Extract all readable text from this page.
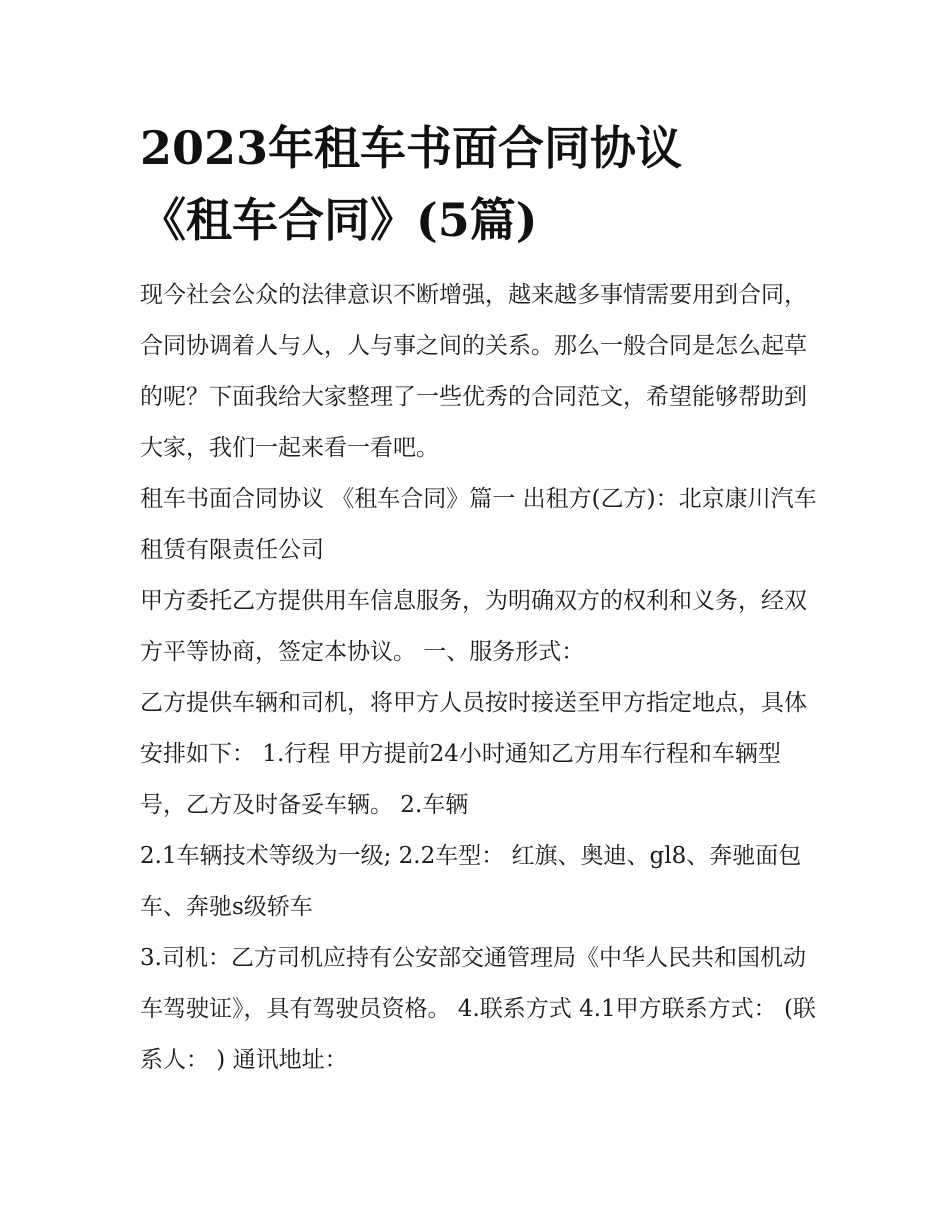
2023年租车书面合同协议
《租车合同》(5篇)

现今社会公众的法律意识不断增强，越来越多事情需要用到合同，合同协调着人与人，人与事之间的关系。那么一般合同是怎么起草的呢？下面我给大家整理了一些优秀的合同范文，希望能够帮助到大家，我们一起来看一看吧。

租车书面合同协议 《租车合同》篇一 出租方(乙方)：北京康川汽车租赁有限责任公司

甲方委托乙方提供用车信息服务，为明确双方的权利和义务，经双方平等协商，签定本协议。 一、服务形式：

乙方提供车辆和司机，将甲方人员按时接送至甲方指定地点，具体安排如下： 1.行程 甲方提前24小时通知乙方用车行程和车辆型号，乙方及时备妥车辆。 2.车辆

2.1车辆技术等级为一级; 2.2车型： 红旗、奥迪、gl8、奔驰面包车、奔驰s级轿车

3.司机：乙方司机应持有公安部交通管理局《中华人民共和国机动车驾驶证》，具有驾驶员资格。 4.联系方式 4.1甲方联系方式： (联系人： ) 通讯地址：
